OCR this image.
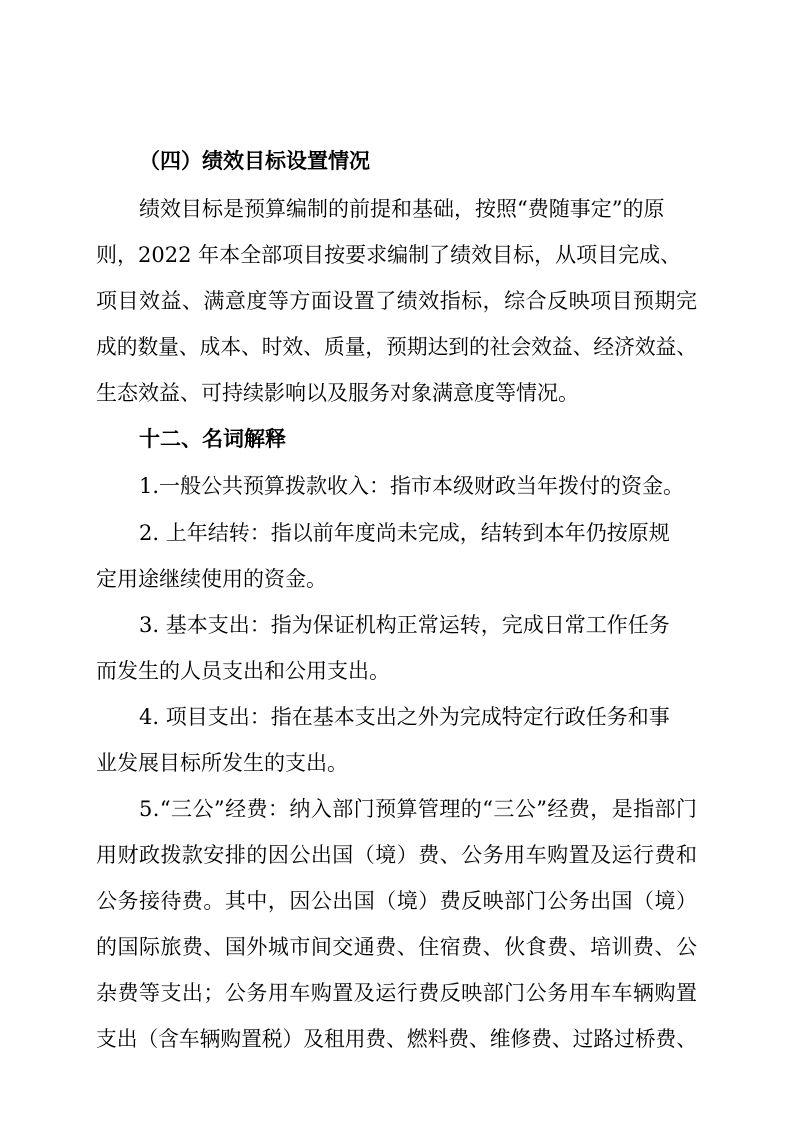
（四）绩效目标设置情况
绩效目标是预算编制的前提和基础，按照“费随事定”的原
则，2022 年本全部项目按要求编制了绩效目标，从项目完成、
项目效益、满意度等方面设置了绩效指标，综合反映项目预期完
成的数量、成本、时效、质量，预期达到的社会效益、经济效益、
生态效益、可持续影响以及服务对象满意度等情况。
十二、名词解释
1.一般公共预算拨款收入：指市本级财政当年拨付的资金。
2. 上年结转：指以前年度尚未完成，结转到本年仍按原规
定用途继续使用的资金。
3. 基本支出：指为保证机构正常运转，完成日常工作任务
而发生的人员支出和公用支出。
4. 项目支出：指在基本支出之外为完成特定行政任务和事
业发展目标所发生的支出。
5.“三公”经费：纳入部门预算管理的“三公”经费，是指部门
用财政拨款安排的因公出国（境）费、公务用车购置及运行费和
公务接待费。其中，因公出国（境）费反映部门公务出国（境）
的国际旅费、国外城市间交通费、住宿费、伙食费、培训费、公
杂费等支出；公务用车购置及运行费反映部门公务用车车辆购置
支出（含车辆购置税）及租用费、燃料费、维修费、过路过桥费、
